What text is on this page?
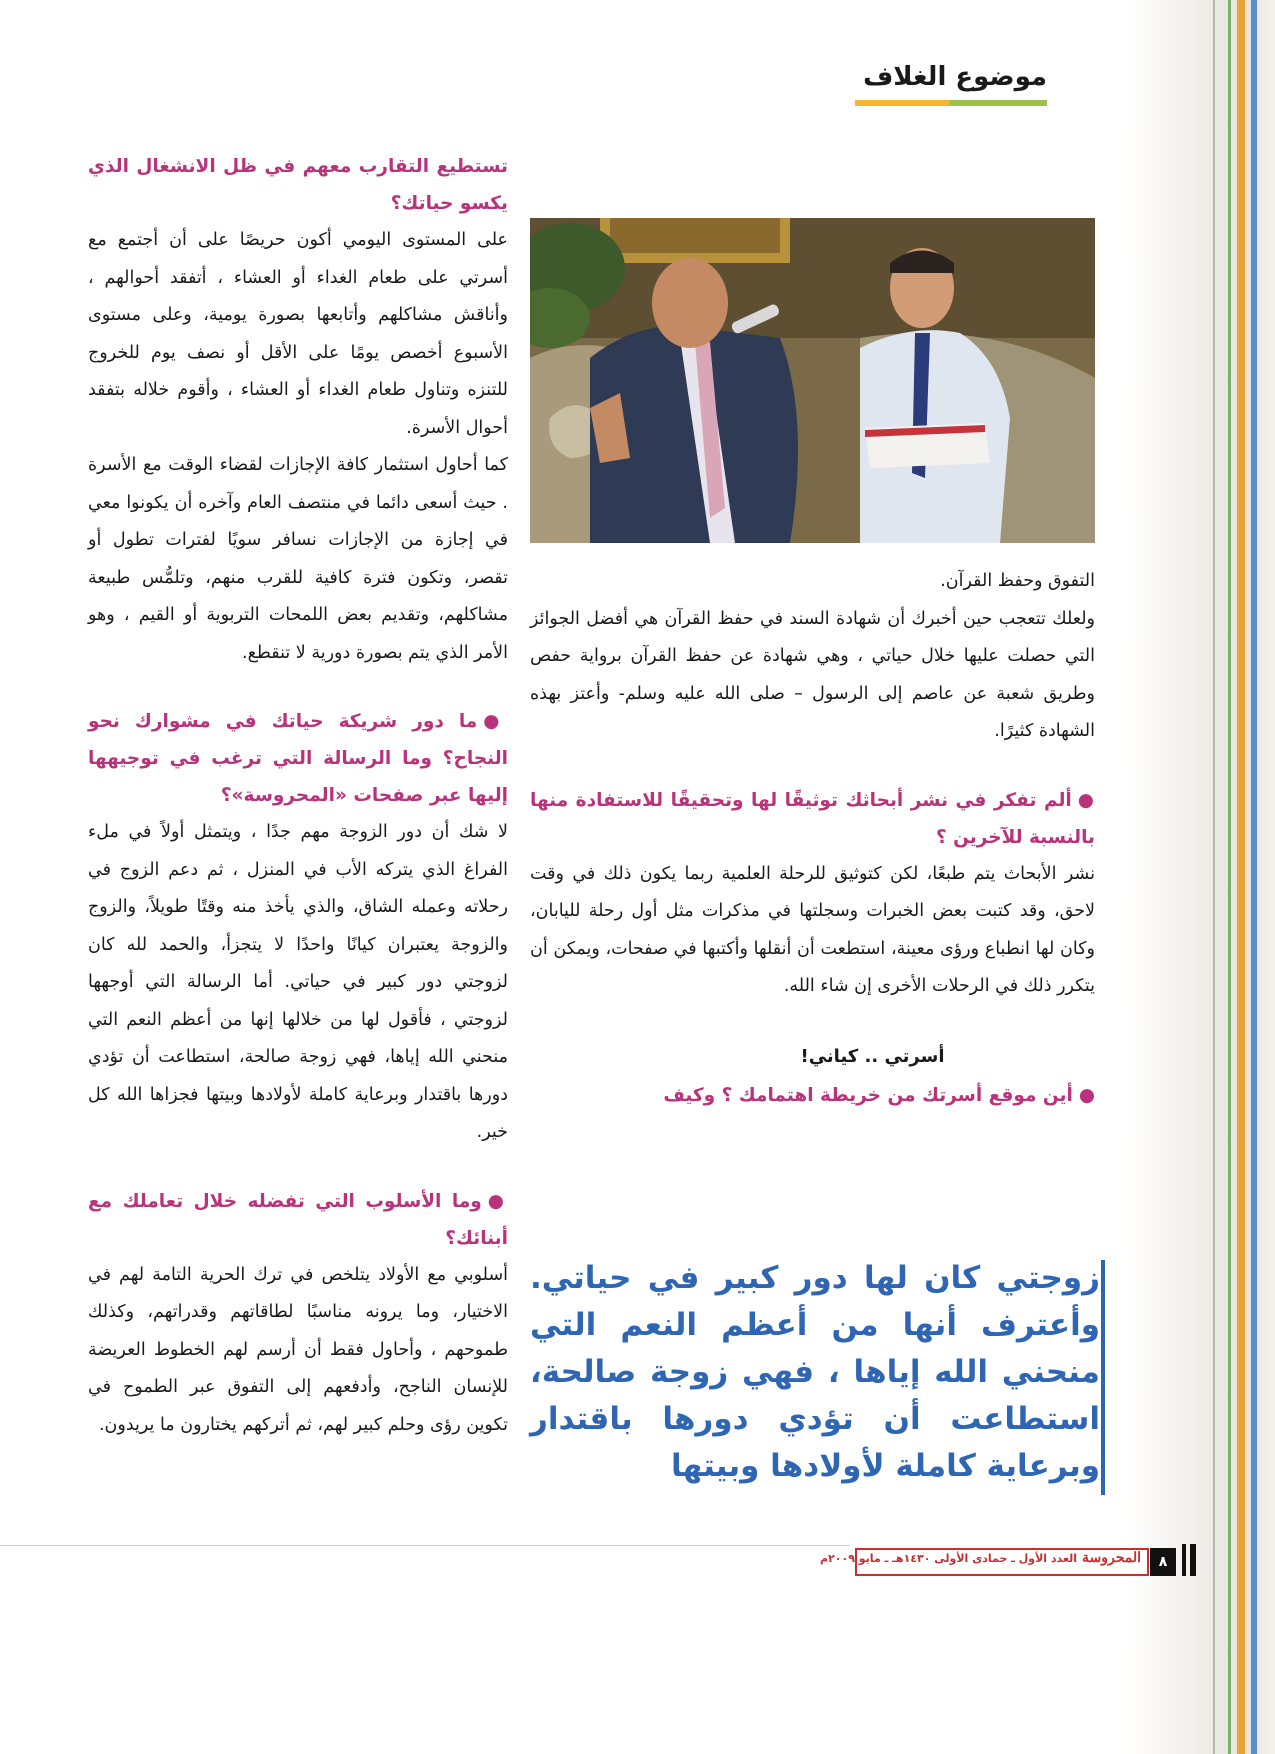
موضوع الغلاف

تستطيع التقارب معهم في ظل الانشغال الذي يكسو حياتك؟

على المستوى اليومي أكون حريصًا على أن أجتمع مع أسرتي على طعام الغداء أو العشاء ، أتفقد أحوالهم ، وأناقش مشاكلهم وأتابعها بصورة يومية، وعلى مستوى الأسبوع أخصص يومًا على الأقل أو نصف يوم للخروج للتنزه وتناول طعام الغداء أو العشاء ، وأقوم خلاله بتفقد أحوال الأسرة.

كما أحاول استثمار كافة الإجازات لقضاء الوقت مع الأسرة . حيث أسعى دائما في منتصف العام وآخره أن يكونوا معي في إجازة من الإجازات نسافر سويًا لفترات تطول أو تقصر، وتكون فترة كافية للقرب منهم، وتلمُّس طبيعة مشاكلهم، وتقديم بعض اللمحات التربوية أو القيم ، وهو الأمر الذي يتم بصورة دورية لا تنقطع.

●ما دور شريكة حياتك في مشوارك نحو النجاح؟ وما الرسالة التي ترغب في توجيهها إليها عبر صفحات «المحروسة»؟

لا شك أن دور الزوجة مهم جدًا ، ويتمثل أولاً في ملء الفراغ الذي يتركه الأب في المنزل ، ثم دعم الزوج في رحلاته وعمله الشاق، والذي يأخذ منه وقتًا طويلاً، والزوج والزوجة يعتبران كيانًا واحدًا لا يتجزأ، والحمد لله كان لزوجتي دور كبير في حياتي. أما الرسالة التي أوجهها لزوجتي ، فأقول لها من خلالها إنها من أعظم النعم التي منحني الله إياها، فهي زوجة صالحة، استطاعت أن تؤدي دورها باقتدار وبرعاية كاملة لأولادها وبيتها فجزاها الله كل خير.

●وما الأسلوب التي تفضله خلال تعاملك مع أبنائك؟

أسلوبي مع الأولاد يتلخص في ترك الحرية التامة لهم في الاختيار، وما يرونه مناسبًا لطاقاتهم وقدراتهم، وكذلك طموحهم ، وأحاول فقط أن أرسم لهم الخطوط العريضة للإنسان الناجح، وأدفعهم إلى التفوق عبر الطموح في تكوين رؤى وحلم كبير لهم، ثم أتركهم يختارون ما يريدون.

التفوق وحفظ القرآن.

ولعلك تتعجب حين أخبرك أن شهادة السند في حفظ القرآن هي أفضل الجوائز التي حصلت عليها خلال حياتي ، وهي شهادة عن حفظ القرآن برواية حفص وطريق شعبة عن عاصم إلى الرسول – صلى الله عليه وسلم- وأعتز بهذه الشهادة كثيرًا.

●ألم تفكر في نشر أبحاثك توثيقًا لها وتحقيقًا للاستفادة منها بالنسبة للآخرين ؟

نشر الأبحاث يتم طبعًا، لكن كتوثيق للرحلة العلمية ربما يكون ذلك في وقت لاحق، وقد كتبت بعض الخبرات وسجلتها في مذكرات مثل أول رحلة لليابان، وكان لها انطباع ورؤى معينة، استطعت أن أنقلها وأكتبها في صفحات، ويمكن أن يتكرر ذلك في الرحلات الأخرى إن شاء الله.

أسرتي .. كياني!

●أين موقع أسرتك من خريطة اهتمامك ؟ وكيف

زوجتي كان لها دور كبير في حياتي. وأعترف أنها من أعظم النعم التي منحني الله إياها ، فهي زوجة صالحة، استطاعت أن تؤدي دورها باقتدار وبرعاية كاملة لأولادها وبيتها

المحروسة
العدد الأول ـ جمادى الأولى ١٤٣٠هـ ـ مايو ٢٠٠٩م	٨
